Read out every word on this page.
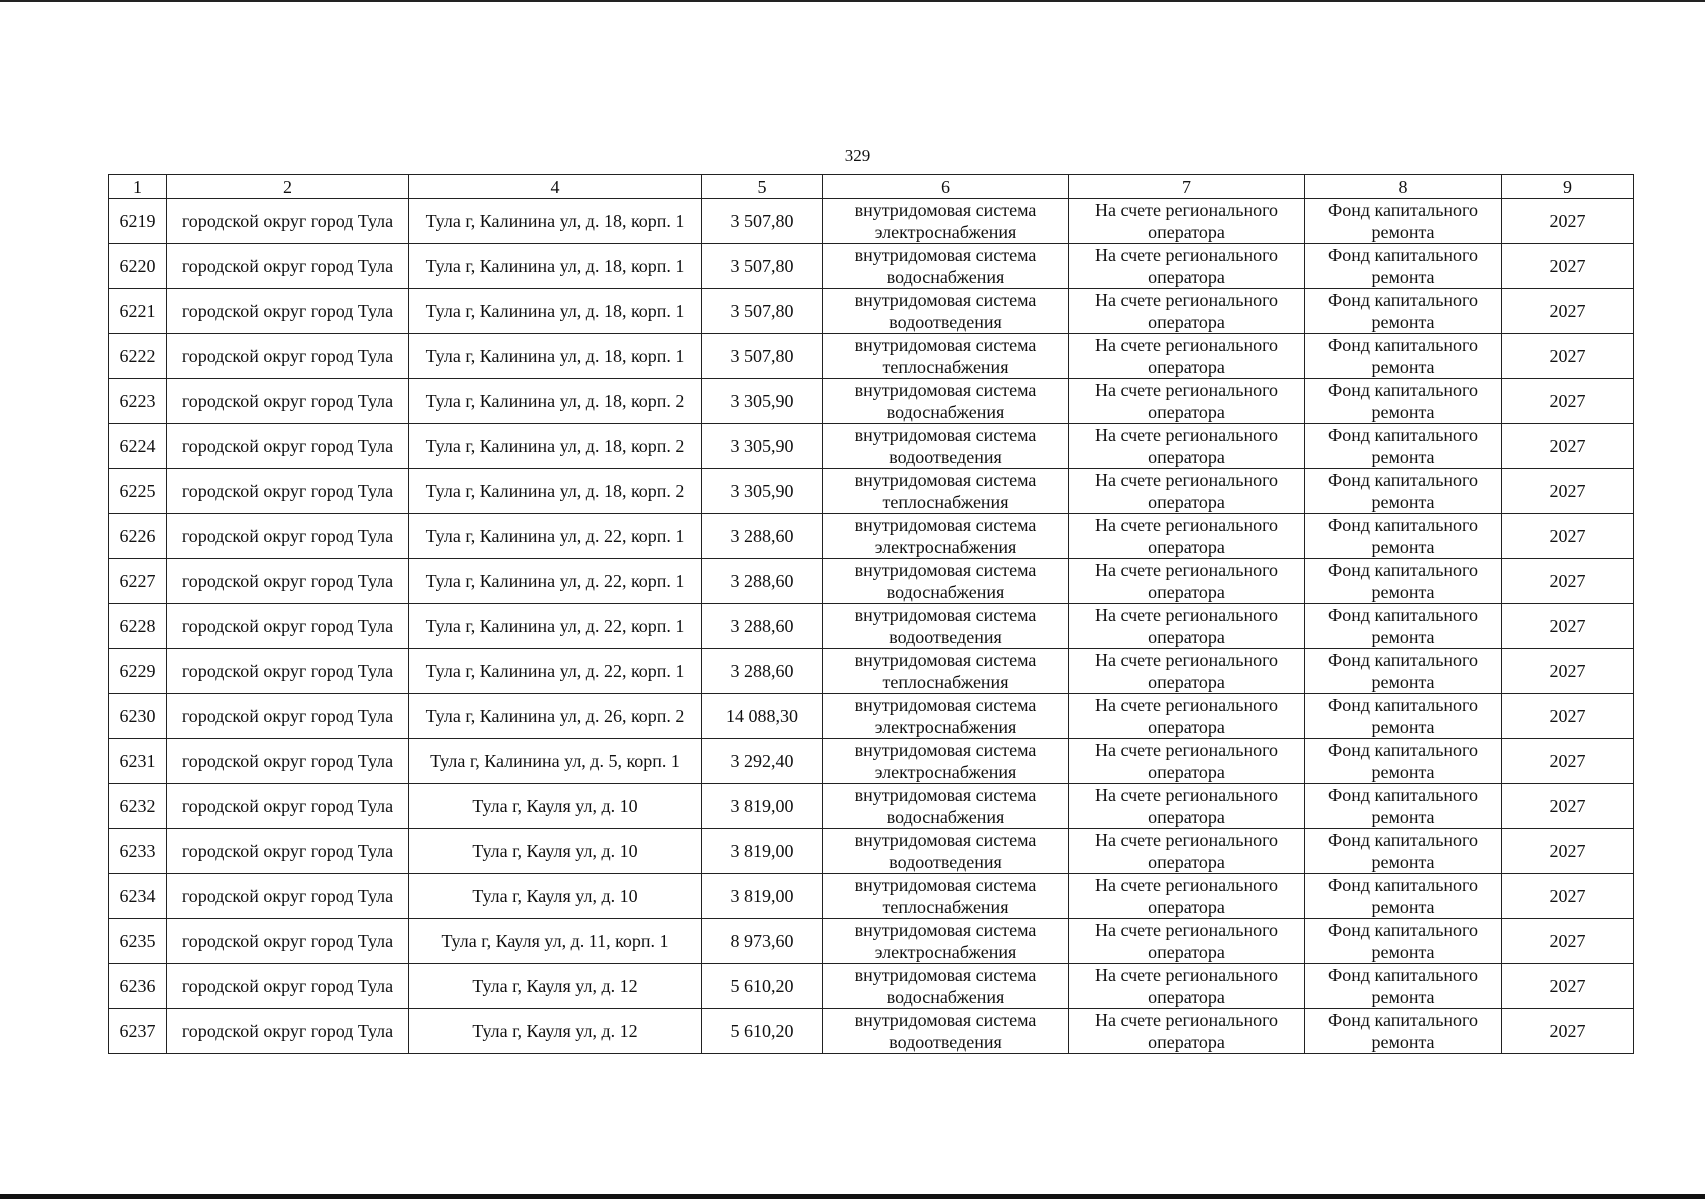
329
1	2	4	5	6	7	8	9
6219	городской округ город Тула	Тула г, Калинина ул, д. 18, корп. 1	3 507,80	внутридомовая система электроснабжения	На счете регионального оператора	Фонд капитального ремонта	2027
6220	городской округ город Тула	Тула г, Калинина ул, д. 18, корп. 1	3 507,80	внутридомовая система водоснабжения	На счете регионального оператора	Фонд капитального ремонта	2027
6221	городской округ город Тула	Тула г, Калинина ул, д. 18, корп. 1	3 507,80	внутридомовая система водоотведения	На счете регионального оператора	Фонд капитального ремонта	2027
6222	городской округ город Тула	Тула г, Калинина ул, д. 18, корп. 1	3 507,80	внутридомовая система теплоснабжения	На счете регионального оператора	Фонд капитального ремонта	2027
6223	городской округ город Тула	Тула г, Калинина ул, д. 18, корп. 2	3 305,90	внутридомовая система водоснабжения	На счете регионального оператора	Фонд капитального ремонта	2027
6224	городской округ город Тула	Тула г, Калинина ул, д. 18, корп. 2	3 305,90	внутридомовая система водоотведения	На счете регионального оператора	Фонд капитального ремонта	2027
6225	городской округ город Тула	Тула г, Калинина ул, д. 18, корп. 2	3 305,90	внутридомовая система теплоснабжения	На счете регионального оператора	Фонд капитального ремонта	2027
6226	городской округ город Тула	Тула г, Калинина ул, д. 22, корп. 1	3 288,60	внутридомовая система электроснабжения	На счете регионального оператора	Фонд капитального ремонта	2027
6227	городской округ город Тула	Тула г, Калинина ул, д. 22, корп. 1	3 288,60	внутридомовая система водоснабжения	На счете регионального оператора	Фонд капитального ремонта	2027
6228	городской округ город Тула	Тула г, Калинина ул, д. 22, корп. 1	3 288,60	внутридомовая система водоотведения	На счете регионального оператора	Фонд капитального ремонта	2027
6229	городской округ город Тула	Тула г, Калинина ул, д. 22, корп. 1	3 288,60	внутридомовая система теплоснабжения	На счете регионального оператора	Фонд капитального ремонта	2027
6230	городской округ город Тула	Тула г, Калинина ул, д. 26, корп. 2	14 088,30	внутридомовая система электроснабжения	На счете регионального оператора	Фонд капитального ремонта	2027
6231	городской округ город Тула	Тула г, Калинина ул, д. 5, корп. 1	3 292,40	внутридомовая система электроснабжения	На счете регионального оператора	Фонд капитального ремонта	2027
6232	городской округ город Тула	Тула г, Кауля ул, д. 10	3 819,00	внутридомовая система водоснабжения	На счете регионального оператора	Фонд капитального ремонта	2027
6233	городской округ город Тула	Тула г, Кауля ул, д. 10	3 819,00	внутридомовая система водоотведения	На счете регионального оператора	Фонд капитального ремонта	2027
6234	городской округ город Тула	Тула г, Кауля ул, д. 10	3 819,00	внутридомовая система теплоснабжения	На счете регионального оператора	Фонд капитального ремонта	2027
6235	городской округ город Тула	Тула г, Кауля ул, д. 11, корп. 1	8 973,60	внутридомовая система электроснабжения	На счете регионального оператора	Фонд капитального ремонта	2027
6236	городской округ город Тула	Тула г, Кауля ул, д. 12	5 610,20	внутридомовая система водоснабжения	На счете регионального оператора	Фонд капитального ремонта	2027
6237	городской округ город Тула	Тула г, Кауля ул, д. 12	5 610,20	внутридомовая система водоотведения	На счете регионального оператора	Фонд капитального ремонта	2027
